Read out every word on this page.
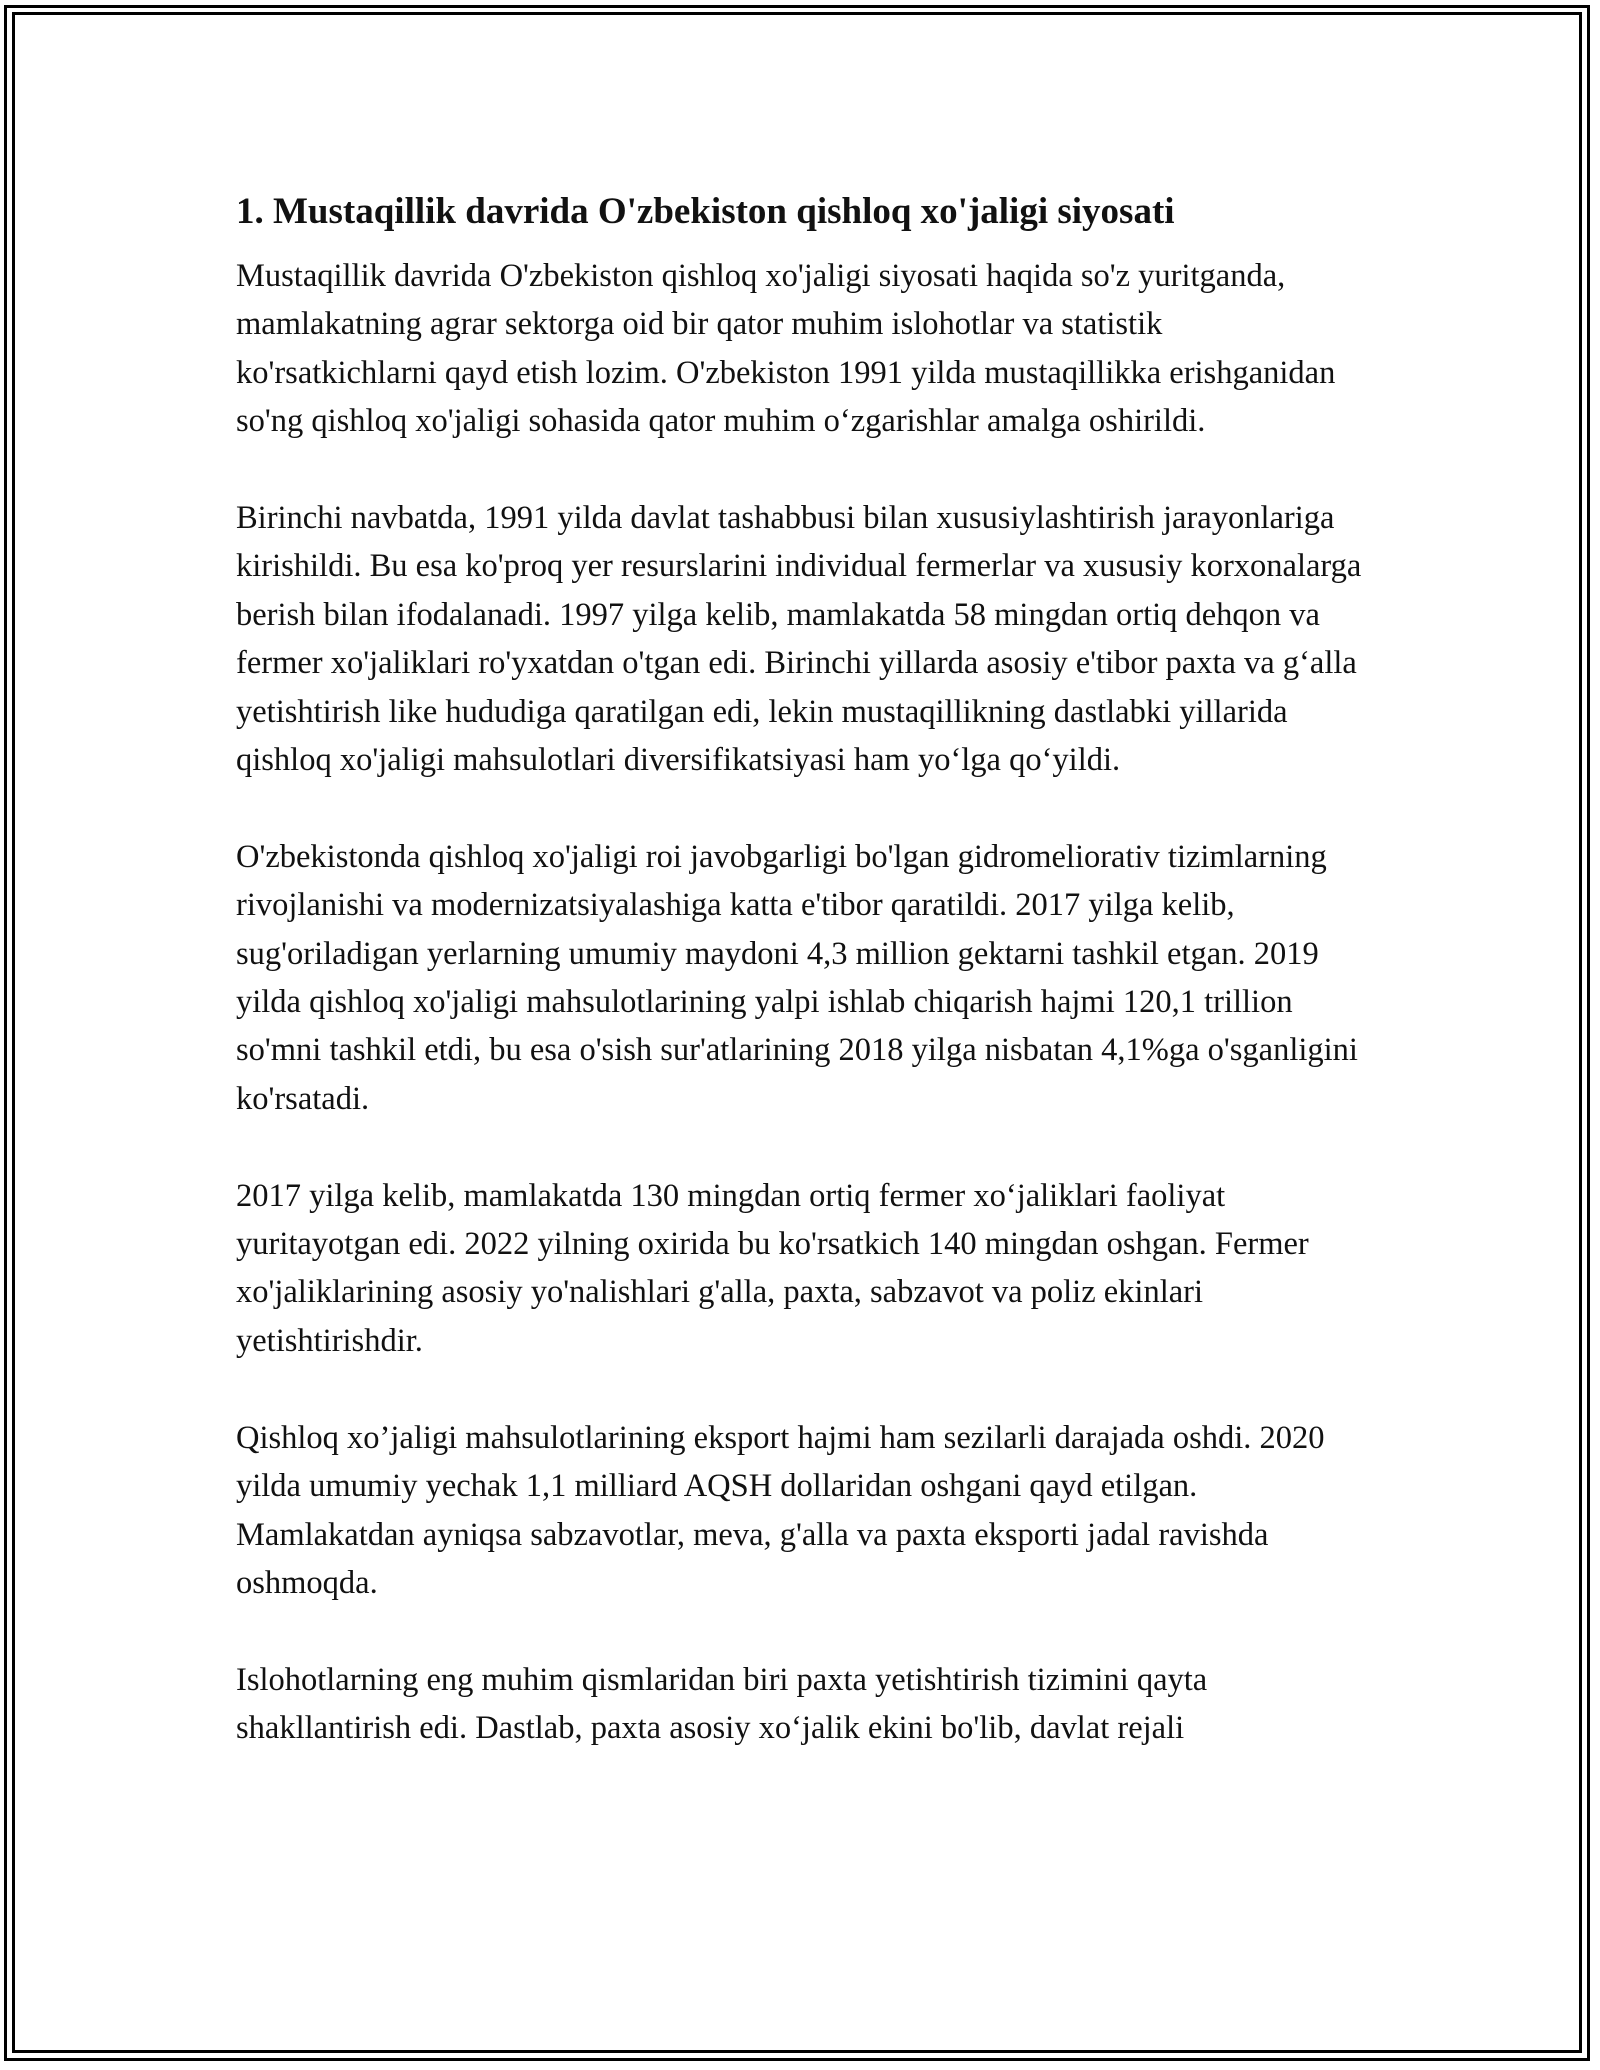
1. Mustaqillik davrida O'zbekiston qishloq xo'jaligi siyosati

Mustaqillik davrida O'zbekiston qishloq xo'jaligi siyosati haqida so'z yuritganda, mamlakatning agrar sektorga oid bir qator muhim islohotlar va statistik ko'rsatkichlarni qayd etish lozim. O'zbekiston 1991 yilda mustaqillikka erishganidan so'ng qishloq xo'jaligi sohasida qator muhim o‘zgarishlar amalga oshirildi.

Birinchi navbatda, 1991 yilda davlat tashabbusi bilan xususiylashtirish jarayonlariga kirishildi. Bu esa ko'proq yer resurslarini individual fermerlar va xususiy korxonalarga berish bilan ifodalanadi. 1997 yilga kelib, mamlakatda 58 mingdan ortiq dehqon va fermer xo'jaliklari ro'yxatdan o'tgan edi. Birinchi yillarda asosiy e'tibor paxta va g‘alla yetishtirish like hududiga qaratilgan edi, lekin mustaqillikning dastlabki yillarida qishloq xo'jaligi mahsulotlari diversifikatsiyasi ham yo‘lga qo‘yildi.

O'zbekistonda qishloq xo'jaligi roi javobgarligi bo'lgan gidromeliorativ tizimlarning rivojlanishi va modernizatsiyalashiga katta e'tibor qaratildi. 2017 yilga kelib, sug'oriladigan yerlarning umumiy maydoni 4,3 million gektarni tashkil etgan. 2019 yilda qishloq xo'jaligi mahsulotlarining yalpi ishlab chiqarish hajmi 120,1 trillion so'mni tashkil etdi, bu esa o'sish sur'atlarining 2018 yilga nisbatan 4,1%ga o'sganligini ko'rsatadi.

2017 yilga kelib, mamlakatda 130 mingdan ortiq fermer xo‘jaliklari faoliyat yuritayotgan edi. 2022 yilning oxirida bu ko'rsatkich 140 mingdan oshgan. Fermer xo'jaliklarining asosiy yo'nalishlari g'alla, paxta, sabzavot va poliz ekinlari yetishtirishdir.

Qishloq xo’jaligi mahsulotlarining eksport hajmi ham sezilarli darajada oshdi. 2020 yilda umumiy yechak 1,1 milliard AQSH dollaridan oshgani qayd etilgan. Mamlakatdan ayniqsa sabzavotlar, meva, g'alla va paxta eksporti jadal ravishda oshmoqda.

Islohotlarning eng muhim qismlaridan biri paxta yetishtirish tizimini qayta shakllantirish edi. Dastlab, paxta asosiy xo‘jalik ekini bo'lib, davlat rejali
